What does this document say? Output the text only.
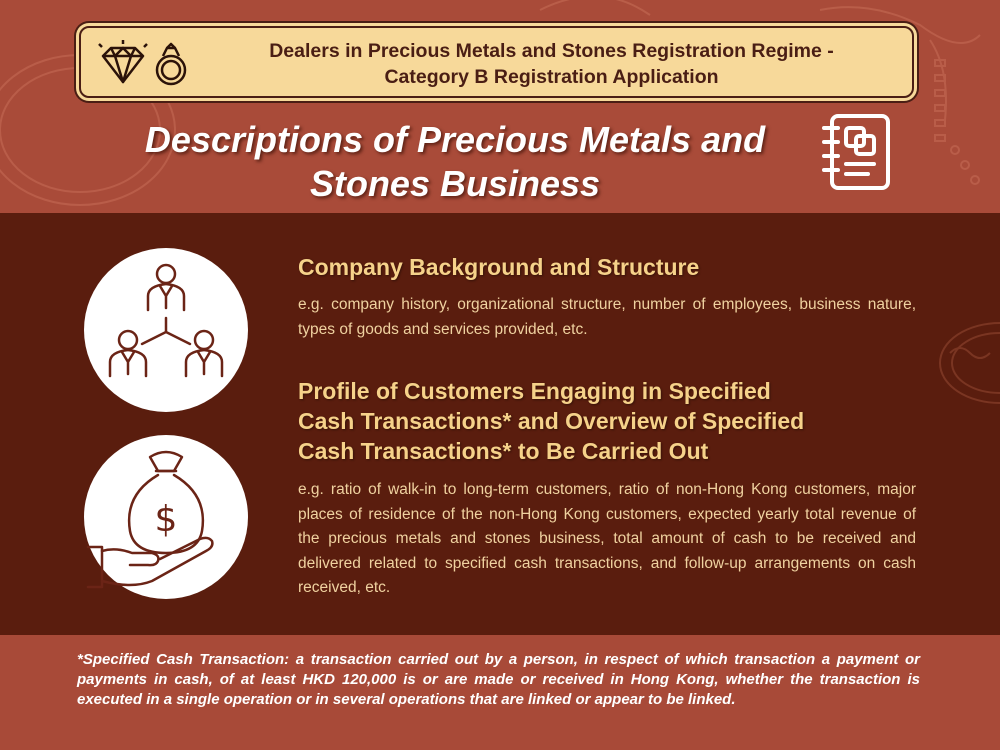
Dealers in Precious Metals and Stones Registration Regime -
Category B Registration Application
Descriptions of Precious Metals and
Stones Business
Company Background and Structure
e.g. company history, organizational structure, number of employees, business nature, types of goods and services provided, etc.
$
Profile of Customers Engaging in Specified
Cash Transactions* and Overview of Specified
Cash Transactions* to Be Carried Out
e.g. ratio of walk-in to long-term customers, ratio of non-Hong Kong customers, major places of residence of the non-Hong Kong customers, expected yearly total revenue of the precious metals and stones business, total amount of cash to be received and delivered related to specified cash transactions, and follow-up arrangements on cash received, etc.
*Specified Cash Transaction: a transaction carried out by a person, in respect of which transaction a payment or payments in cash, of at least HKD 120,000 is or are made or received in Hong Kong, whether the transaction is executed in a single operation or in several operations that are linked or appear to be linked.
